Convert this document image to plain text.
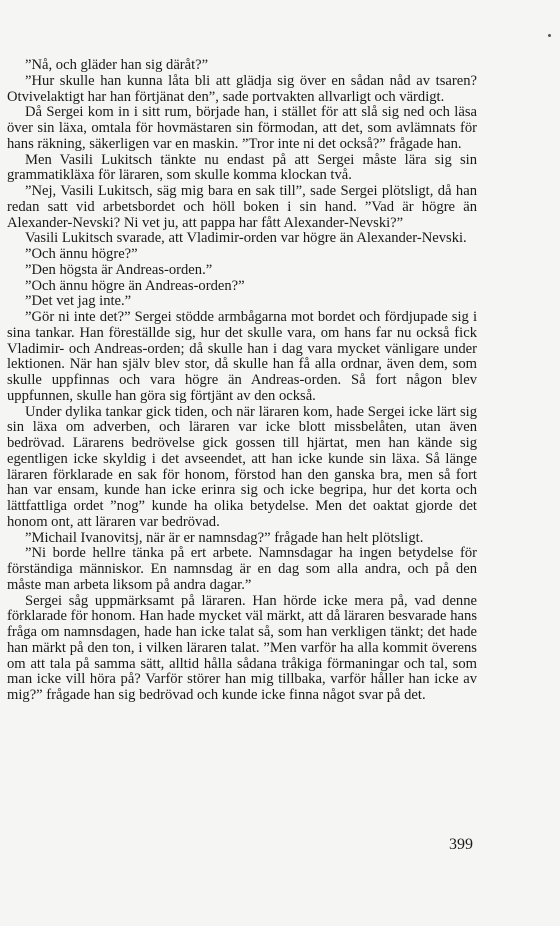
”Nå, och gläder han sig däråt?”

”Hur skulle han kunna låta bli att glädja sig över en sådan nåd av tsaren? Otvivelaktigt har han förtjänat den”, sade portvakten allvarligt och värdigt.

Då Sergei kom in i sitt rum, började han, i stället för att slå sig ned och läsa över sin läxa, omtala för hovmästaren sin förmodan, att det, som avlämnats för hans räkning, säkerligen var en maskin. ”Tror inte ni det också?” frågade han.

Men Vasili Lukitsch tänkte nu endast på att Sergei måste lära sig sin grammatikläxa för läraren, som skulle komma klockan två.

”Nej, Vasili Lukitsch, säg mig bara en sak till”, sade Sergei plötsligt, då han redan satt vid arbetsbordet och höll boken i sin hand. ”Vad är högre än Alexander-Nevski? Ni vet ju, att pappa har fått Alexander-Nevski?”

Vasili Lukitsch svarade, att Vladimir-orden var högre än Alexander-Nevski.

”Och ännu högre?”

”Den högsta är Andreas-orden.”

”Och ännu högre än Andreas-orden?”

”Det vet jag inte.”

”Gör ni inte det?” Sergei stödde armbågarna mot bordet och fördjupade sig i sina tankar. Han föreställde sig, hur det skulle vara, om hans far nu också fick Vladimir- och Andreas-orden; då skulle han i dag vara mycket vänligare under lektionen. När han själv blev stor, då skulle han få alla ordnar, även dem, som skulle uppfinnas och vara högre än Andreas-orden. Så fort någon blev uppfunnen, skulle han göra sig förtjänt av den också.

Under dylika tankar gick tiden, och när läraren kom, hade Sergei icke lärt sig sin läxa om adverben, och läraren var icke blott missbelåten, utan även bedrövad. Lärarens bedrövelse gick gossen till hjärtat, men han kände sig egentligen icke skyldig i det avseendet, att han icke kunde sin läxa. Så länge läraren förklarade en sak för honom, förstod han den ganska bra, men så fort han var ensam, kunde han icke erinra sig och icke begripa, hur det korta och lättfattliga ordet ”nog” kunde ha olika betydelse. Men det oaktat gjorde det honom ont, att läraren var bedrövad.

”Michail Ivanovitsj, när är er namnsdag?” frågade han helt plötsligt.

”Ni borde hellre tänka på ert arbete. Namnsdagar ha ingen betydelse för förständiga människor. En namnsdag är en dag som alla andra, och på den måste man arbeta liksom på andra dagar.”

Sergei såg uppmärksamt på läraren. Han hörde icke mera på, vad denne förklarade för honom. Han hade mycket väl märkt, att då läraren besvarade hans fråga om namnsdagen, hade han icke talat så, som han verkligen tänkt; det hade han märkt på den ton, i vilken läraren talat. ”Men varför ha alla kommit överens om att tala på samma sätt, alltid hålla sådana tråkiga förmaningar och tal, som man icke vill höra på? Varför störer han mig tillbaka, varför håller han icke av mig?” frågade han sig bedrövad och kunde icke finna något svar på det.

399
